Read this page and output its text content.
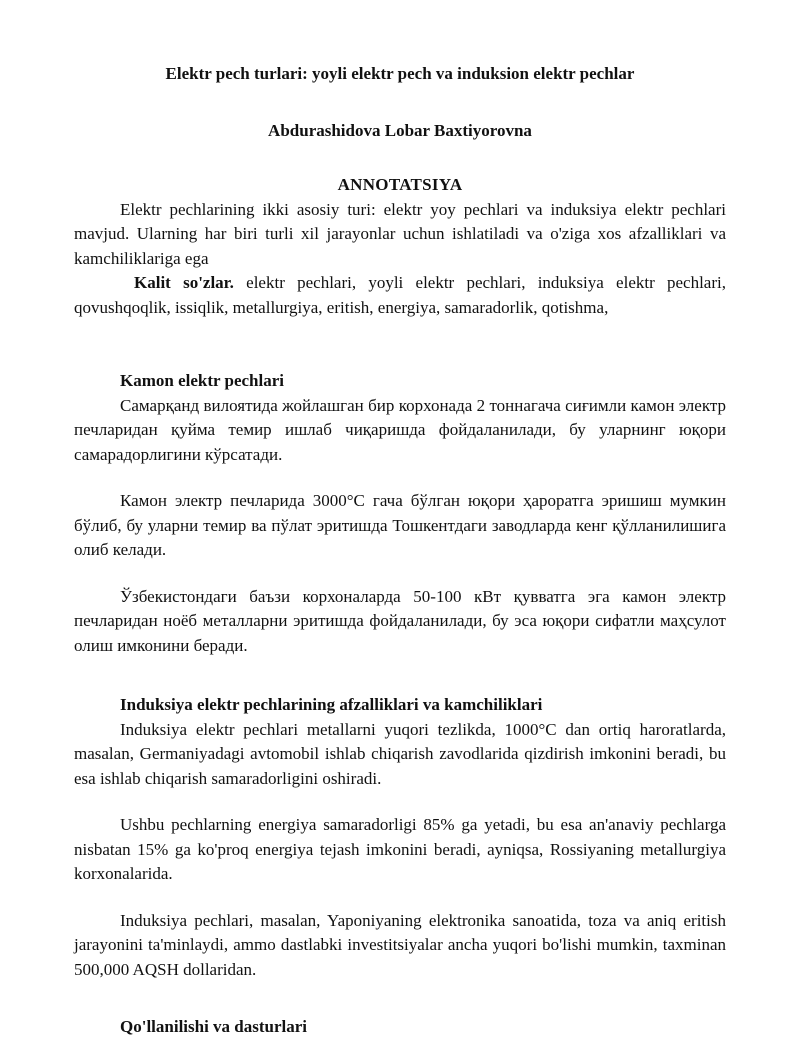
Elektr pech turlari: yoyli elektr pech va induksion elektr pechlar

Abdurashidova Lobar Baxtiyorovna

ANNOTATSIYA

Elektr pechlarining ikki asosiy turi: elektr yoy pechlari va induksiya elektr pechlari mavjud. Ularning har biri turli xil jarayonlar uchun ishlatiladi va o'ziga xos afzalliklari va kamchiliklariga ega

Kalit so'zlar. elektr pechlari, yoyli elektr pechlari, induksiya elektr pechlari, qovushqoqlik, issiqlik, metallurgiya, eritish, energiya, samaradorlik, qotishma,

Kamon elektr pechlari

Самарқанд вилоятида жойлашган бир корхонада 2 тоннагача сиғимли камон электр печларидан қуйма темир ишлаб чиқаришда фойдаланилади, бу уларнинг юқори самарадорлигини кўрсатади.

Камон электр печларида 3000°C гача бўлган юқори ҳароратга эришиш мумкин бўлиб, бу уларни темир ва пўлат эритишда Тошкентдаги заводларда кенг қўлланилишига олиб келади.

Ўзбекистондаги баъзи корхоналарда 50-100 кВт қувватга эга камон электр печларидан ноёб металларни эритишда фойдаланилади, бу эса юқори сифатли маҳсулот олиш имконини беради.

Induksiya elektr pechlarining afzalliklari va kamchiliklari

Induksiya elektr pechlari metallarni yuqori tezlikda, 1000°C dan ortiq haroratlarda, masalan, Germaniyadagi avtomobil ishlab chiqarish zavodlarida qizdirish imkonini beradi, bu esa ishlab chiqarish samaradorligini oshiradi.

Ushbu pechlarning energiya samaradorligi 85% ga yetadi, bu esa an'anaviy pechlarga nisbatan 15% ga ko'proq energiya tejash imkonini beradi, ayniqsa, Rossiyaning metallurgiya korxonalarida.

Induksiya pechlari, masalan, Yaponiyaning elektronika sanoatida, toza va aniq eritish jarayonini ta'minlaydi, ammo dastlabki investitsiyalar ancha yuqori bo'lishi mumkin, taxminan 500,000 AQSH dollaridan.

Qo'llanilishi va dasturlari
